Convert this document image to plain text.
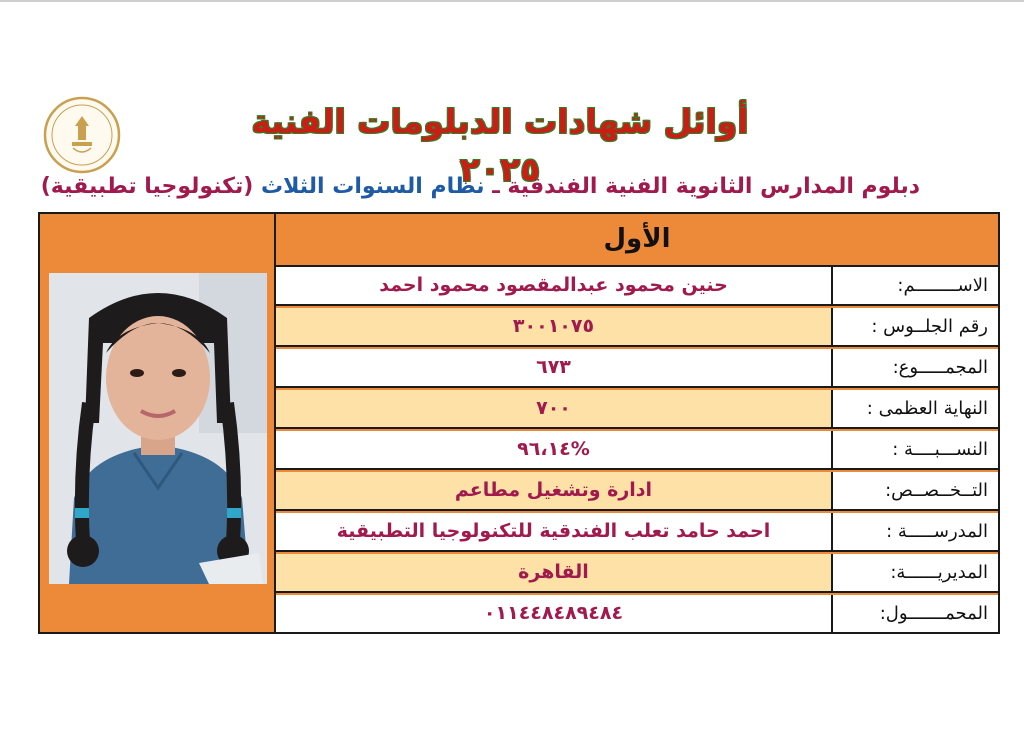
أوائل شهادات الدبلومات الفنية ٢٠٢٥
دبلوم المدارس الثانوية الفنية الفندقية ـ نظام السنوات الثلاث (تكنولوجيا تطبيقية)
الأول
حنين محمود عبدالمقصود محمود احمد	الاســــــــم:
٣٠٠١٠٧٥	رقم الجلــوس :
٦٧٣	المجمـــــوع:
٧٠٠	النهاية العظمى :
%٩٦،١٤	النســـبــــة :
ادارة وتشغيل مطاعم	التــخــصــص:
احمد حامد تعلب الفندقية للتكنولوجيا التطبيقية	المدرســـــة :
القاهرة	المديريــــــة:
٠١١٤٤٨٤٨٩٤٨٤	المحمـــــــول:
